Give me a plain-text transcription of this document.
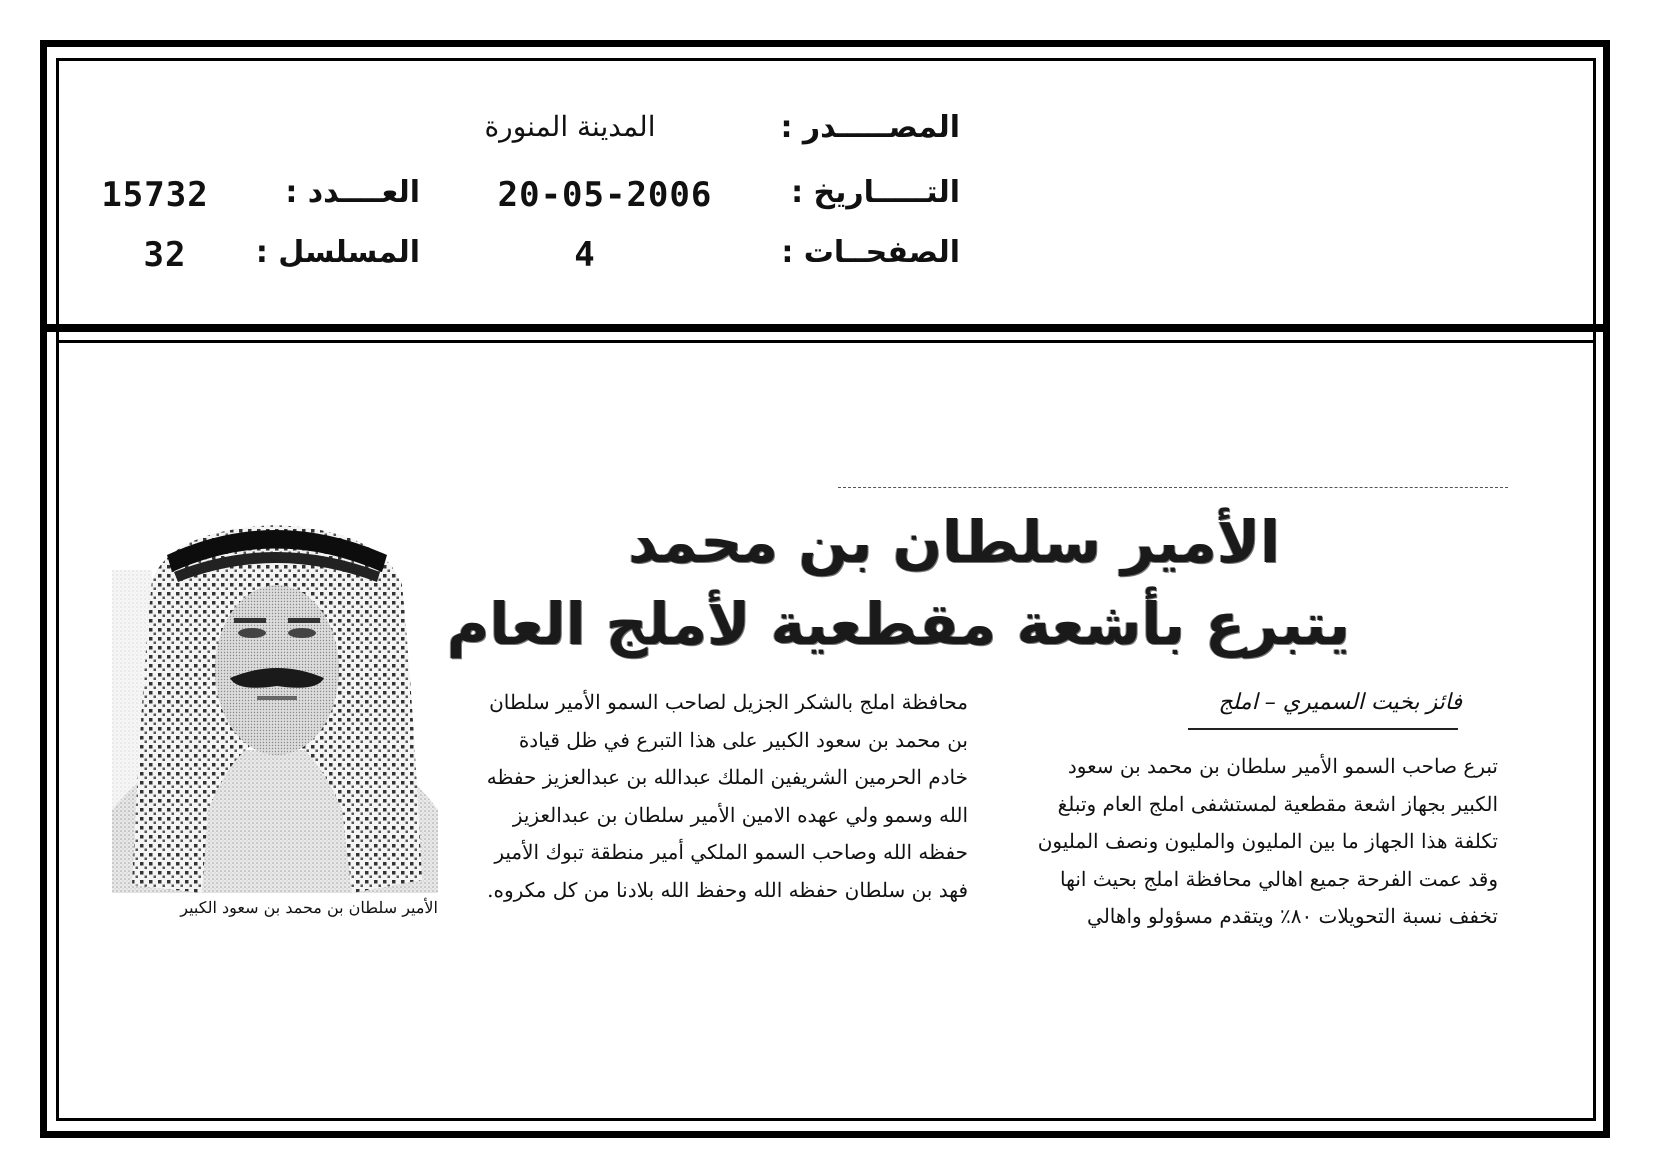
المصـــــدر :
المدينة المنورة
التـــــاريخ :
20-05-2006
الصفحــات :
4
العــــدد :
15732
المسلسل :
32
الأمير سلطان بن محمد
يتبرع بأشعة مقطعية لأملج العام
فائز بخيت السميري – املج
تبرع صاحب السمو الأمير سلطان بن محمد بن سعود
الكبير بجهاز اشعة مقطعية لمستشفى املج العام وتبلغ
تكلفة هذا الجهاز ما بين المليون والمليون ونصف المليون
وقد عمت الفرحة جميع اهالي محافظة املج بحيث انها
تخفف نسبة التحويلات ٨٠٪ ويتقدم مسؤولو واهالي
محافظة املج بالشكر الجزيل لصاحب السمو الأمير سلطان
بن محمد بن سعود الكبير على هذا التبرع في ظل قيادة
خادم الحرمين الشريفين الملك عبدالله بن عبدالعزيز حفظه
الله وسمو ولي عهده الامين الأمير سلطان بن عبدالعزيز
حفظه الله وصاحب السمو الملكي أمير منطقة تبوك الأمير
فهد بن سلطان حفظه الله وحفظ الله بلادنا من كل مكروه.
الأمير سلطان بن محمد بن سعود الكبير
